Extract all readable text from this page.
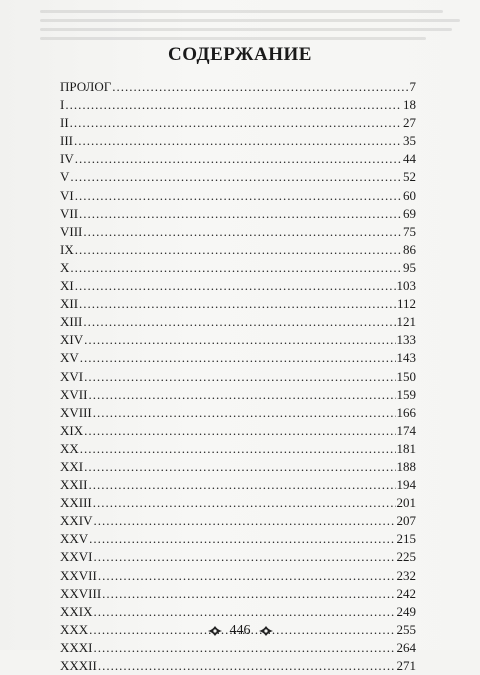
СОДЕРЖАНИЕ
ПРОЛОГ .....	7
I .....	18
II .....	27
III .....	35
IV .....	44
V .....	52
VI .....	60
VII .....	69
VIII .....	75
IX .....	86
X .....	95
XI .....	103
XII .....	112
XIII .....	121
XIV .....	133
XV .....	143
XVI .....	150
XVII .....	159
XVIII .....	166
XIX .....	174
XX .....	181
XXI .....	188
XXII .....	194
XXIII .....	201
XXIV .....	207
XXV .....	215
XXVI .....	225
XXVII .....	232
XXVIII .....	242
XXIX .....	249
XXX .....	255
XXXI .....	264
XXXII .....	271
446
